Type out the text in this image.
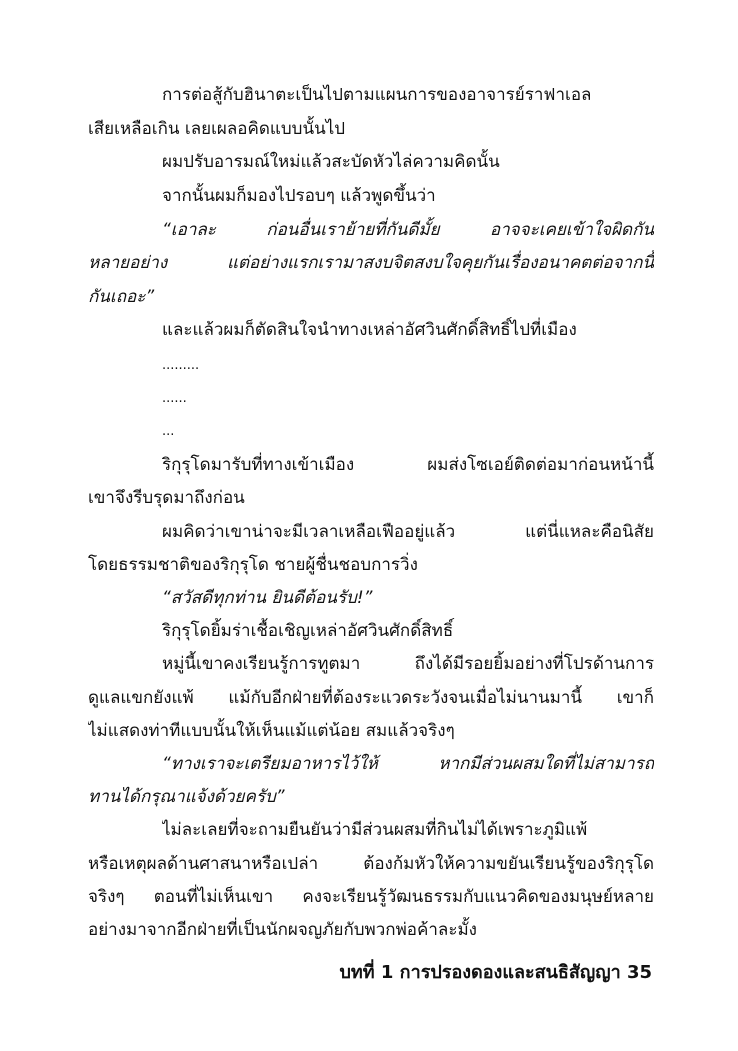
การต่อสู้กับฮินาตะเป็นไปตามแผนการของอาจารย์ราฟาเอล
เสียเหลือเกิน เลยเผลอคิดแบบนั้นไป
ผมปรับอารมณ์ใหม่แล้วสะบัดหัวไล่ความคิดนั้น
จากนั้นผมก็มองไปรอบๆ แล้วพูดขึ้นว่า
“เอาละ ก่อนอื่นเราย้ายที่กันดีมั้ย อาจจะเคยเข้าใจผิดกัน
หลายอย่าง แต่อย่างแรกเรามาสงบจิตสงบใจคุยกันเรื่องอนาคตต่อจากนี้
กันเถอะ”
และแล้วผมก็ตัดสินใจนำทางเหล่าอัศวินศักดิ์สิทธิ์ไปที่เมือง
.........
......
...
ริกุรุโดมารับที่ทางเข้าเมือง ผมส่งโซเอย์ติดต่อมาก่อนหน้านี้
เขาจึงรีบรุดมาถึงก่อน
ผมคิดว่าเขาน่าจะมีเวลาเหลือเฟืออยู่แล้ว แต่นี่แหละคือนิสัย
โดยธรรมชาติของริกุรุโด ชายผู้ชื่นชอบการวิ่ง
“สวัสดีทุกท่าน ยินดีต้อนรับ!”
ริกุรุโดยิ้มร่าเชื้อเชิญเหล่าอัศวินศักดิ์สิทธิ์
หมู่นี้เขาคงเรียนรู้การทูตมา ถึงได้มีรอยยิ้มอย่างที่โปรด้านการ
ดูแลแขกยังแพ้ แม้กับอีกฝ่ายที่ต้องระแวดระวังจนเมื่อไม่นานมานี้ เขาก็
ไม่แสดงท่าทีแบบนั้นให้เห็นแม้แต่น้อย สมแล้วจริงๆ
“ทางเราจะเตรียมอาหารไว้ให้ หากมีส่วนผสมใดที่ไม่สามารถ
ทานได้กรุณาแจ้งด้วยครับ”
ไม่ละเลยที่จะถามยืนยันว่ามีส่วนผสมที่กินไม่ได้เพราะภูมิแพ้
หรือเหตุผลด้านศาสนาหรือเปล่า ต้องก้มหัวให้ความขยันเรียนรู้ของริกุรุโด
จริงๆ ตอนที่ไม่เห็นเขา คงจะเรียนรู้วัฒนธรรมกับแนวคิดของมนุษย์หลาย
อย่างมาจากอีกฝ่ายที่เป็นนักผจญภัยกับพวกพ่อค้าละมั้ง
บทที่ 1 การปรองดองและสนธิสัญญา 35
